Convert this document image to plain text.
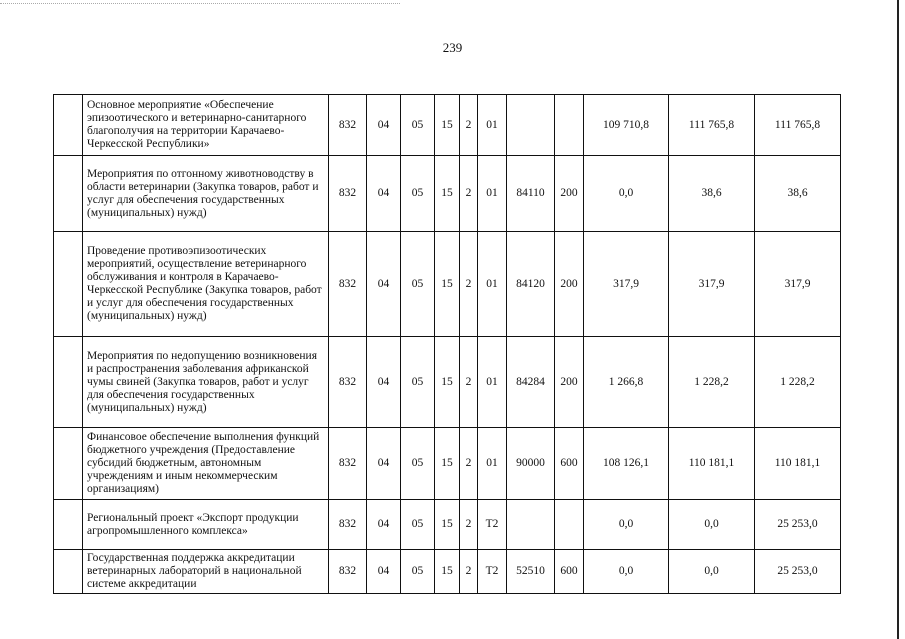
239
	Основное мероприятие «Обеспечение эпизоотического и ветеринарно-санитарного благополучия на территории Карачаево-Черкесской Республики»	832	04	05	15	2	01			109 710,8	111 765,8	111 765,8
	Мероприятия по отгонному животноводству в области ветеринарии (Закупка товаров, работ и услуг для обеспечения государственных (муниципальных) нужд)	832	04	05	15	2	01	84110	200	0,0	38,6	38,6
	Проведение противоэпизоотических мероприятий, осуществление ветеринарного обслуживания и контроля в Карачаево-Черкесской Республике (Закупка товаров, работ и услуг для обеспечения государственных (муниципальных) нужд)	832	04	05	15	2	01	84120	200	317,9	317,9	317,9
	Мероприятия по недопущению возникновения и распространения заболевания африканской чумы свиней (Закупка товаров, работ и услуг для обеспечения государственных (муниципальных) нужд)	832	04	05	15	2	01	84284	200	1 266,8	1 228,2	1 228,2
	Финансовое обеспечение выполнения функций бюджетного учреждения (Предоставление субсидий бюджетным, автономным учреждениям и иным некоммерческим организациям)	832	04	05	15	2	01	90000	600	108 126,1	110 181,1	110 181,1
	Региональный проект «Экспорт продукции агропромышленного комплекса»	832	04	05	15	2	T2			0,0	0,0	25 253,0
	Государственная поддержка аккредитации ветеринарных лабораторий в национальной системе аккредитации	832	04	05	15	2	T2	52510	600	0,0	0,0	25 253,0
